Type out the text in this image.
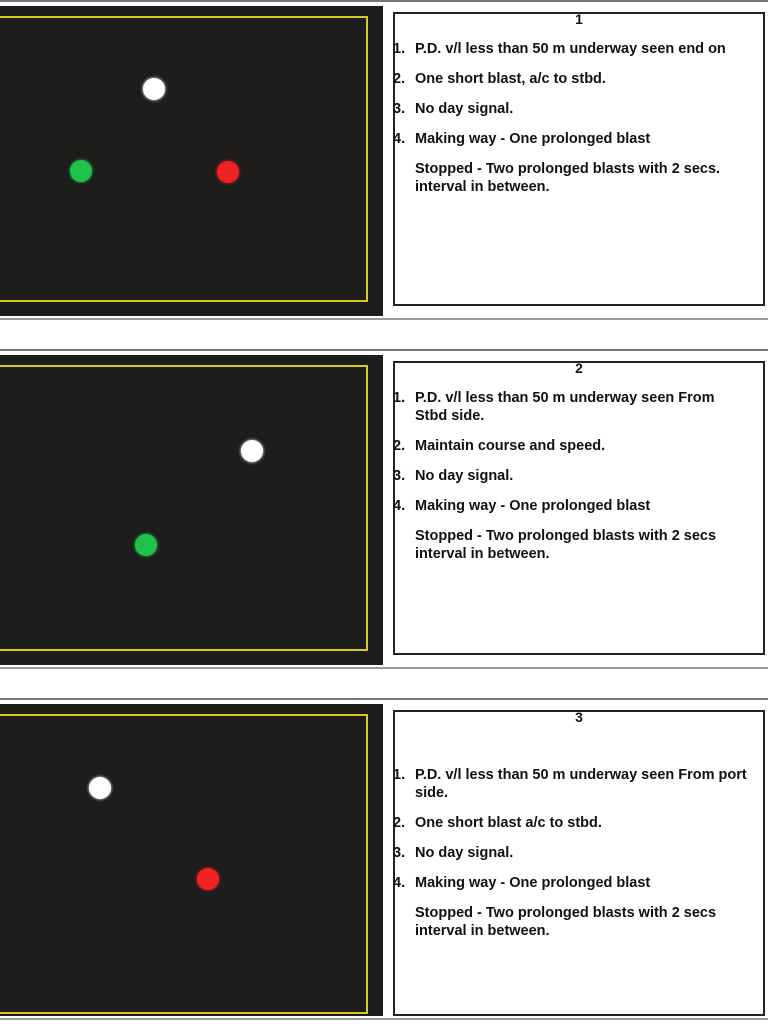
1
1. P.D. v/l less than 50 m underway seen end on
2. One short blast, a/c to stbd.
3. No day signal.
4. Making way - One prolonged blast
Stopped - Two prolonged blasts with 2 secs. interval in between.
2
1. P.D. v/l less than 50 m underway seen From Stbd side.
2. Maintain course and speed.
3. No day signal.
4. Making way - One prolonged blast
Stopped - Two prolonged blasts with 2 secs interval in between.
3
1. P.D. v/l less than 50 m underway seen From port side.
2. One short blast a/c to stbd.
3. No day signal.
4. Making way - One prolonged blast
Stopped - Two prolonged blasts with 2 secs interval in between.
